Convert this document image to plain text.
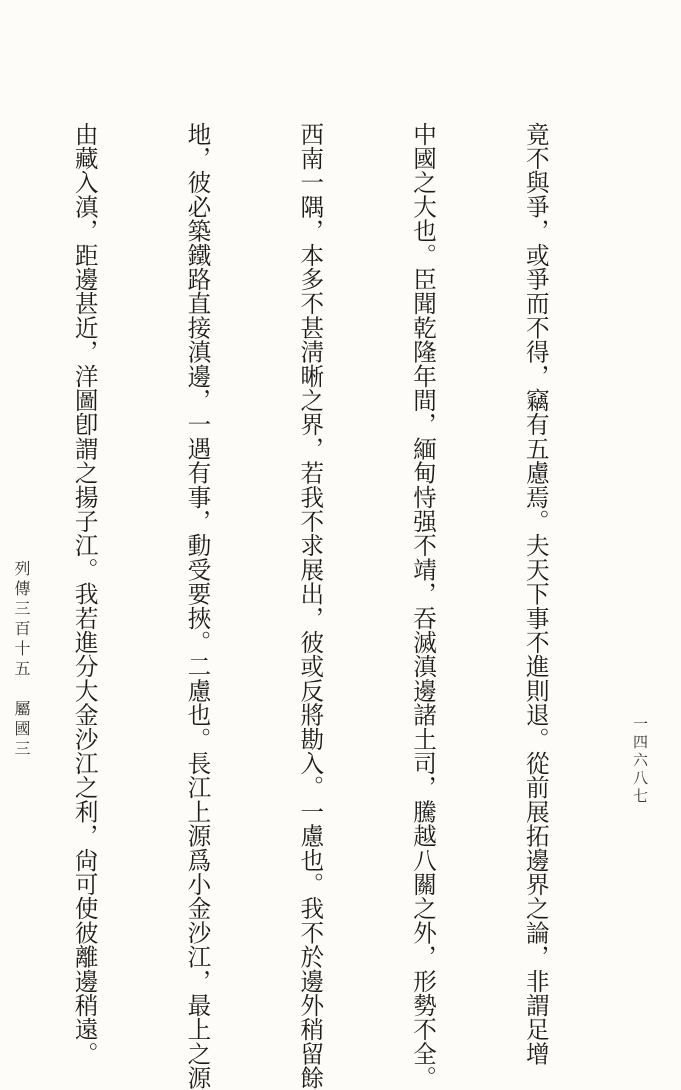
竟不與爭，或爭而不得，竊有五慮焉。夫天下事不進則退。從前展拓邊界之論，非謂足增

中國之大也。臣聞乾隆年間，緬甸恃强不靖，吞滅滇邊諸土司，騰越八關之外，形勢不全。

西南一隅，本多不甚淸晰之界，若我不求展出，彼或反將勘入。一慮也。我不於邊外稍留餘

地，彼必築鐵路直接滇邊，一遇有事，動受要挾。二慮也。長江上源爲小金沙江，最上之源

由藏入滇，距邊甚近，洋圖卽謂之揚子江。我若進分大金沙江之利，尙可使彼離邊稍遠。

列傳三百十五　屬國三	一四六八七
